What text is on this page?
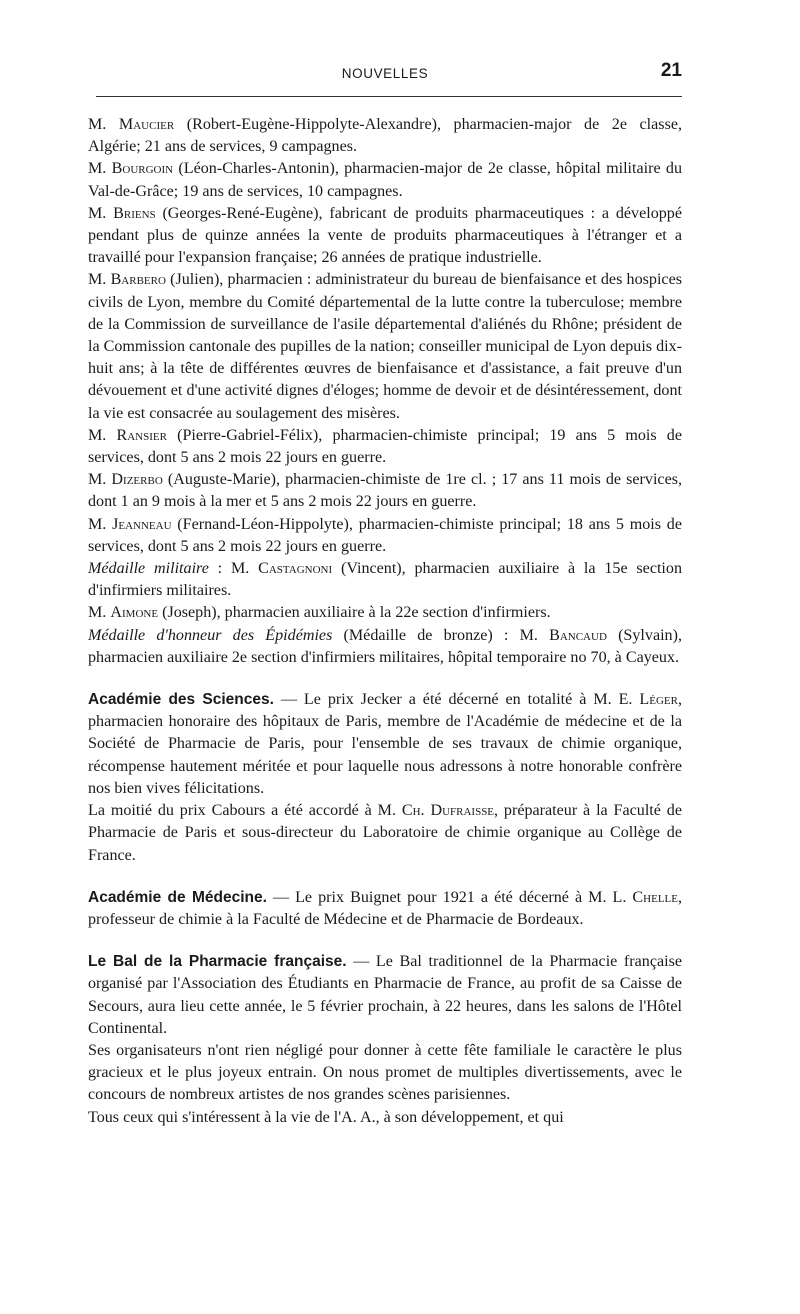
NOUVELLES	21

M. Maucier (Robert-Eugène-Hippolyte-Alexandre), pharmacien-major de 2e classe, Algérie; 21 ans de services, 9 campagnes.

M. Bourgoin (Léon-Charles-Antonin), pharmacien-major de 2e classe, hôpital militaire du Val-de-Grâce; 19 ans de services, 10 campagnes.

M. Briens (Georges-René-Eugène), fabricant de produits pharmaceutiques : a développé pendant plus de quinze années la vente de produits pharmaceutiques à l'étranger et a travaillé pour l'expansion française; 26 années de pratique industrielle.

M. Barbero (Julien), pharmacien : administrateur du bureau de bienfaisance et des hospices civils de Lyon, membre du Comité départemental de la lutte contre la tuberculose; membre de la Commission de surveillance de l'asile départemental d'aliénés du Rhône; président de la Commission cantonale des pupilles de la nation; conseiller municipal de Lyon depuis dix-huit ans; à la tête de différentes œuvres de bienfaisance et d'assistance, a fait preuve d'un dévouement et d'une activité dignes d'éloges; homme de devoir et de désintéressement, dont la vie est consacrée au soulagement des misères.

M. Ransier (Pierre-Gabriel-Félix), pharmacien-chimiste principal; 19 ans 5 mois de services, dont 5 ans 2 mois 22 jours en guerre.

M. Dizerbo (Auguste-Marie), pharmacien-chimiste de 1re cl. ; 17 ans 11 mois de services, dont 1 an 9 mois à la mer et 5 ans 2 mois 22 jours en guerre.

M. Jeanneau (Fernand-Léon-Hippolyte), pharmacien-chimiste principal; 18 ans 5 mois de services, dont 5 ans 2 mois 22 jours en guerre.

Médaille militaire : M. Castagnoni (Vincent), pharmacien auxiliaire à la 15e section d'infirmiers militaires.

M. Aimone (Joseph), pharmacien auxiliaire à la 22e section d'infirmiers.

Médaille d'honneur des Épidémies (Médaille de bronze) : M. Bancaud (Sylvain), pharmacien auxiliaire 2e section d'infirmiers militaires, hôpital temporaire no 70, à Cayeux.

Académie des Sciences. — Le prix Jecker a été décerné en totalité à M. E. Léger, pharmacien honoraire des hôpitaux de Paris, membre de l'Académie de médecine et de la Société de Pharmacie de Paris, pour l'ensemble de ses travaux de chimie organique, récompense hautement méritée et pour laquelle nous adressons à notre honorable confrère nos bien vives félicitations.

La moitié du prix Cabours a été accordé à M. Ch. Dufraisse, préparateur à la Faculté de Pharmacie de Paris et sous-directeur du Laboratoire de chimie organique au Collège de France.

Académie de Médecine. — Le prix Buignet pour 1921 a été décerné à M. L. Chelle, professeur de chimie à la Faculté de Médecine et de Pharmacie de Bordeaux.

Le Bal de la Pharmacie française. — Le Bal traditionnel de la Pharmacie française organisé par l'Association des Étudiants en Pharmacie de France, au profit de sa Caisse de Secours, aura lieu cette année, le 5 février prochain, à 22 heures, dans les salons de l'Hôtel Continental.

Ses organisateurs n'ont rien négligé pour donner à cette fête familiale le caractère le plus gracieux et le plus joyeux entrain. On nous promet de multiples divertissements, avec le concours de nombreux artistes de nos grandes scènes parisiennes.

Tous ceux qui s'intéressent à la vie de l'A. A., à son développement, et qui
